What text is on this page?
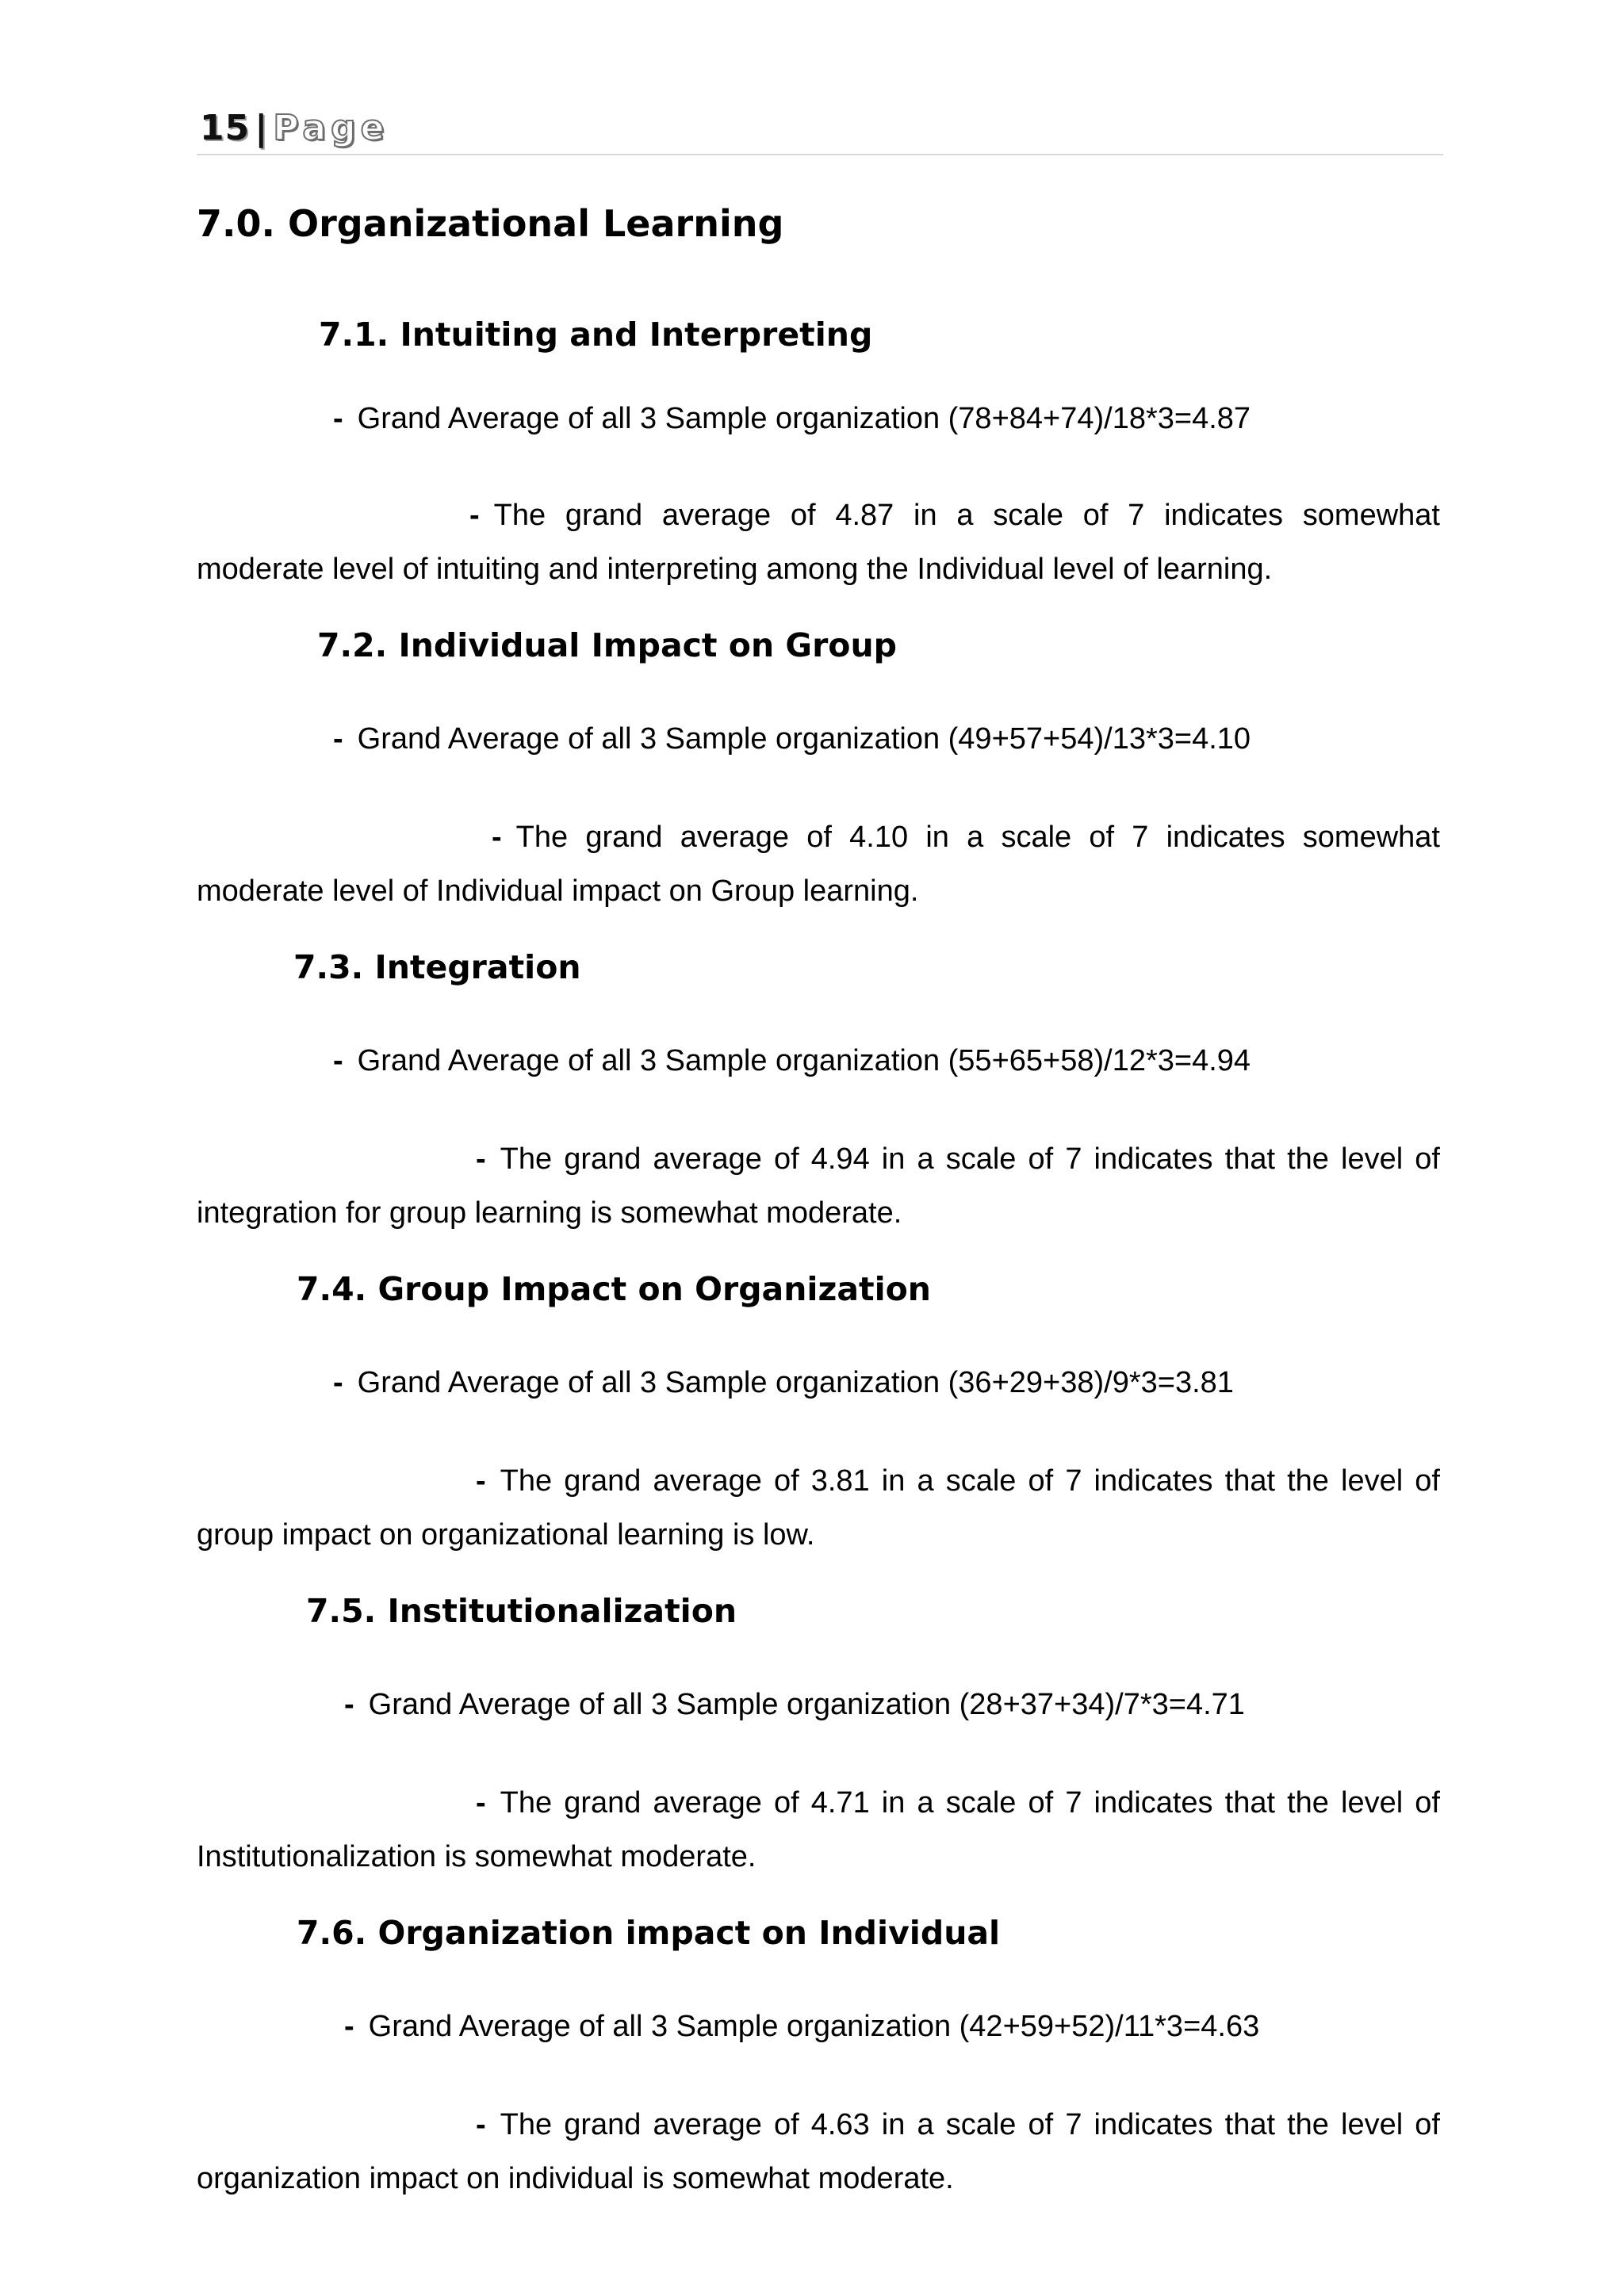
15 | Page
7.0. Organizational Learning
7.1. Intuiting and Interpreting

- Grand Average of all 3 Sample organization (78+84+74)/18*3=4.87

- The grand average of 4.87 in a scale of 7 indicates somewhat moderate level of intuiting and interpreting among the Individual level of learning.

7.2. Individual Impact on Group

- Grand Average of all 3 Sample organization (49+57+54)/13*3=4.10

- The grand average of 4.10 in a scale of 7 indicates somewhat moderate level of Individual impact on Group learning.

7.3. Integration

- Grand Average of all 3 Sample organization (55+65+58)/12*3=4.94

- The grand average of 4.94 in a scale of 7 indicates that the level of integration for group learning is somewhat moderate.

7.4. Group Impact on Organization

- Grand Average of all 3 Sample organization (36+29+38)/9*3=3.81

- The grand average of 3.81 in a scale of 7 indicates that the level of group impact on organizational learning is low.

7.5. Institutionalization

- Grand Average of all 3 Sample organization (28+37+34)/7*3=4.71

- The grand average of 4.71 in a scale of 7 indicates that the level of Institutionalization is somewhat moderate.

7.6. Organization impact on Individual

- Grand Average of all 3 Sample organization (42+59+52)/11*3=4.63

- The grand average of 4.63 in a scale of 7 indicates that the level of organization impact on individual is somewhat moderate.
